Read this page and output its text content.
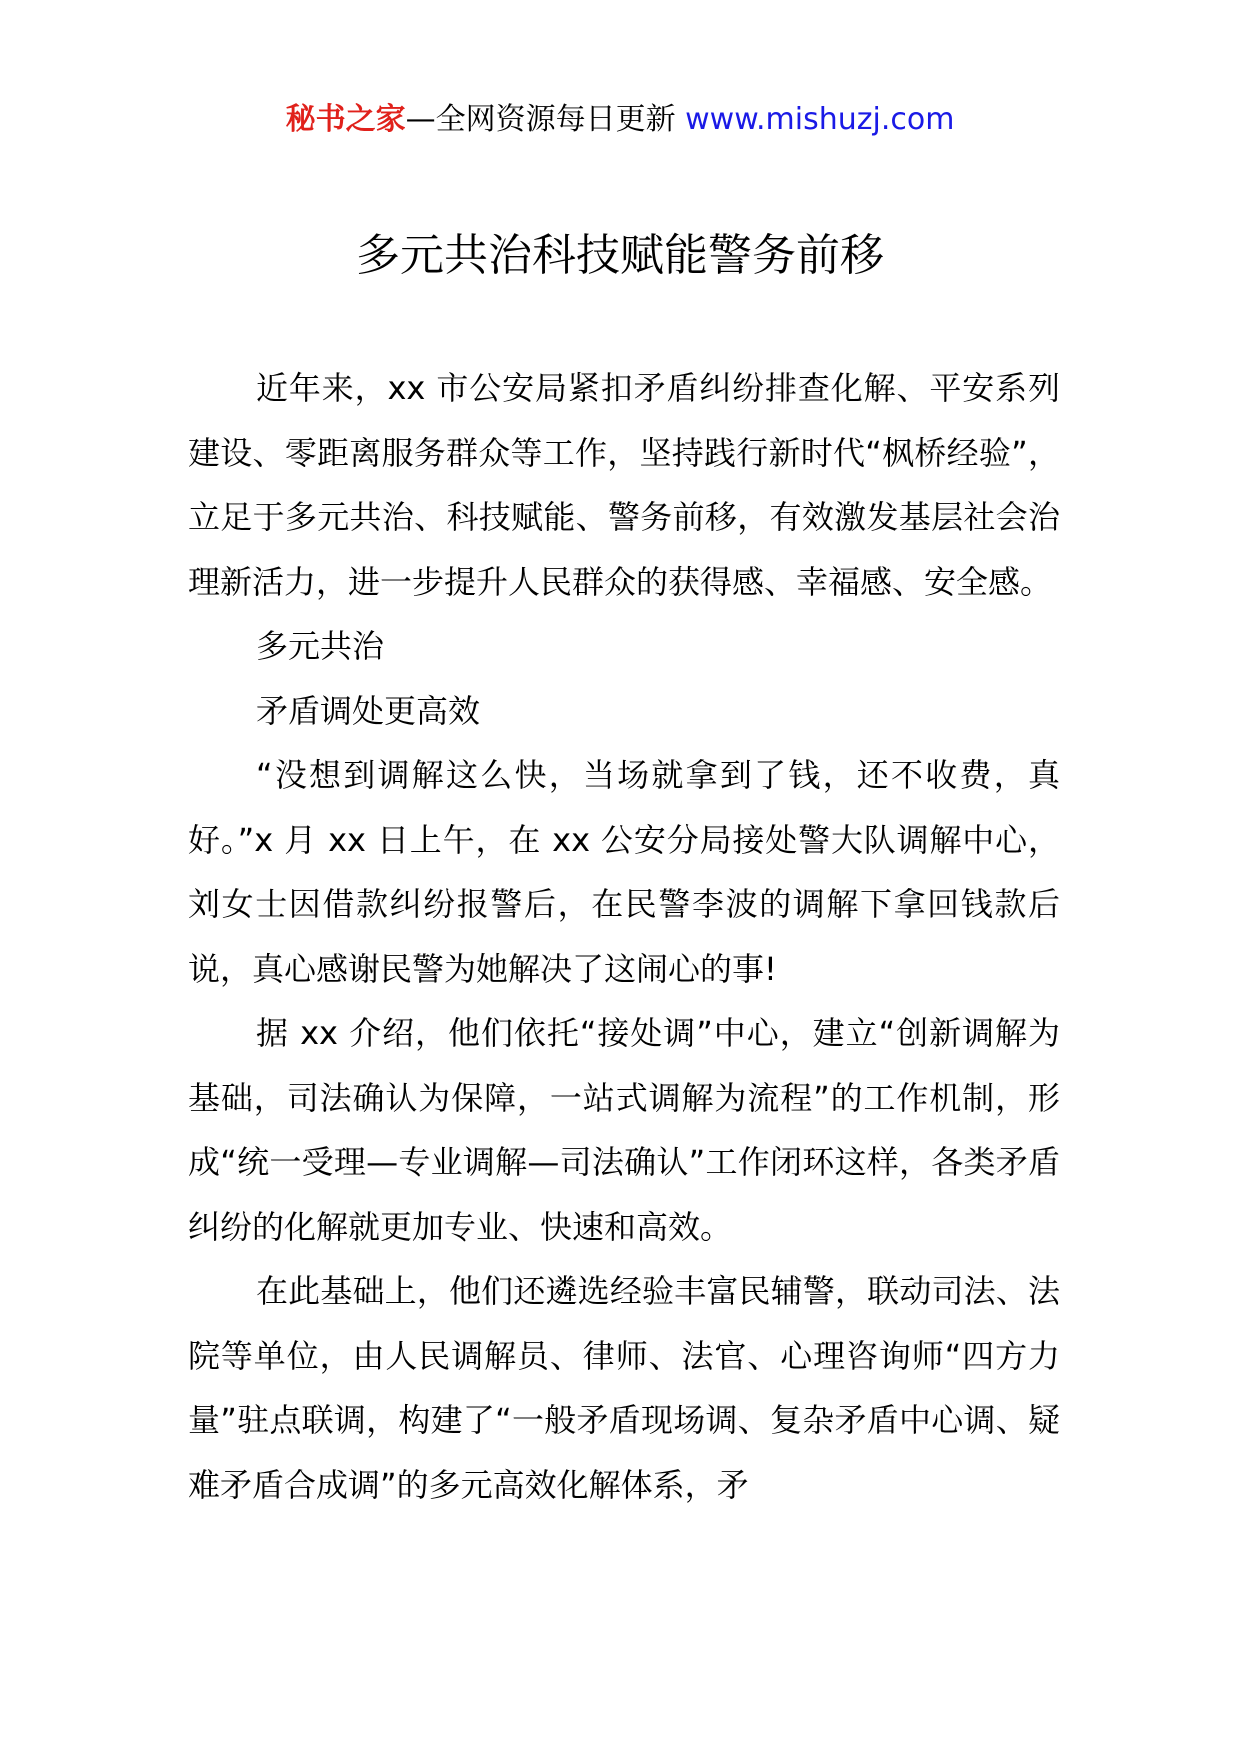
秘书之家—全网资源每日更新 www.mishuzj.com
多元共治科技赋能警务前移

近年来，xx 市公安局紧扣矛盾纠纷排查化解、平安系列建设、零距离服务群众等工作，坚持践行新时代“枫桥经验”，立足于多元共治、科技赋能、警务前移，有效激发基层社会治理新活力，进一步提升人民群众的获得感、幸福感、安全感。

多元共治

矛盾调处更高效

“没想到调解这么快，当场就拿到了钱，还不收费，真好。”x 月 xx 日上午，在 xx 公安分局接处警大队调解中心，刘女士因借款纠纷报警后，在民警李波的调解下拿回钱款后说，真心感谢民警为她解决了这闹心的事!

据 xx 介绍，他们依托“接处调”中心，建立“创新调解为基础，司法确认为保障，一站式调解为流程”的工作机制，形成“统一受理—专业调解—司法确认”工作闭环这样，各类矛盾纠纷的化解就更加专业、快速和高效。

在此基础上，他们还遴选经验丰富民辅警，联动司法、法院等单位，由人民调解员、律师、法官、心理咨询师“四方力量”驻点联调，构建了“一般矛盾现场调、复杂矛盾中心调、疑难矛盾合成调”的多元高效化解体系，矛
